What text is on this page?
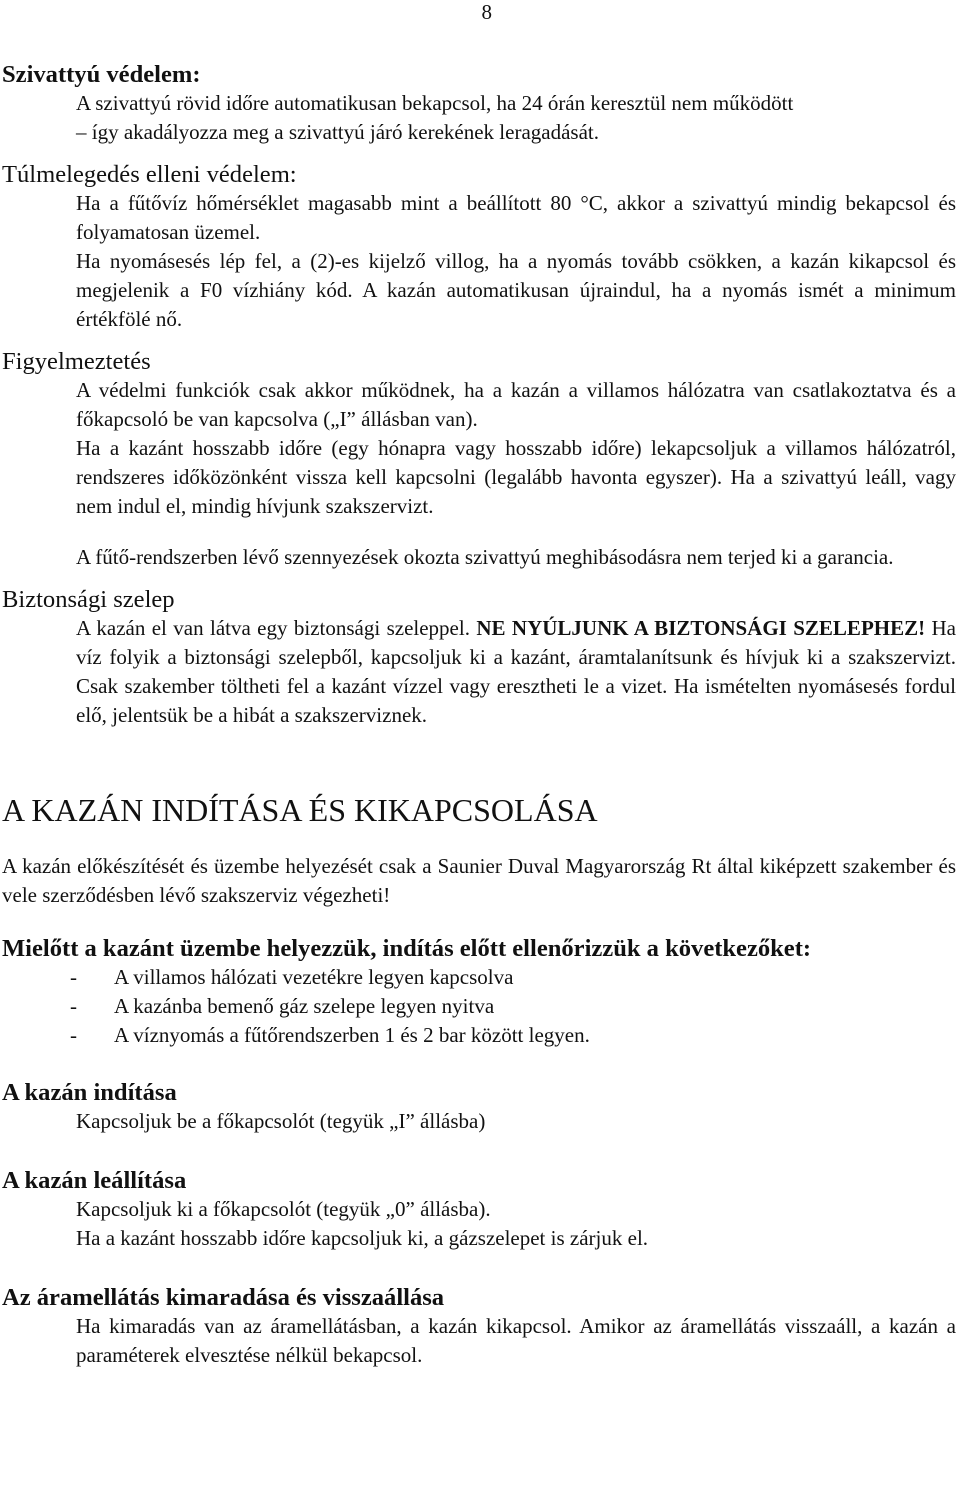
8
Szivattyú védelem:

A szivattyú rövid időre automatikusan bekapcsol, ha 24 órán keresztül nem működött

– így akadályozza meg a szivattyú járó kerekének leragadását.

Túlmelegedés elleni védelem:

Ha a fűtővíz hőmérséklet magasabb mint a beállított 80 °C, akkor a szivattyú mindig bekapcsol és folyamatosan üzemel.

Ha nyomásesés lép fel, a (2)-es kijelző villog, ha a nyomás tovább csökken, a kazán kikapcsol és megjelenik a F0 vízhiány kód. A kazán automatikusan újraindul, ha a nyomás ismét a minimum értékfölé nő.

Figyelmeztetés

A védelmi funkciók csak akkor működnek, ha a kazán a villamos hálózatra van csatlakoztatva és a főkapcsoló be van kapcsolva („I” állásban van).

Ha a kazánt hosszabb időre (egy hónapra vagy hosszabb időre) lekapcsoljuk a villamos hálózatról, rendszeres időközönként vissza kell kapcsolni (legalább havonta egyszer). Ha a szivattyú leáll, vagy nem indul el, mindig hívjunk szakszervizt.

A fűtő-rendszerben lévő szennyezések okozta szivattyú meghibásodásra nem terjed ki a garancia.

Biztonsági szelep

A kazán el van látva egy biztonsági szeleppel. NE NYÚLJUNK A BIZTONSÁGI SZELEPHEZ! Ha víz folyik a biztonsági szelepből, kapcsoljuk ki a kazánt, áramtalanítsunk és hívjuk ki a szakszervizt. Csak szakember töltheti fel a kazánt vízzel vagy eresztheti le a vizet. Ha ismételten nyomásesés fordul elő, jelentsük be a hibát a szakszerviznek.

A KAZÁN INDÍTÁSA ÉS KIKAPCSOLÁSA

A kazán előkészítését és üzembe helyezését csak a Saunier Duval Magyarország Rt által kiképzett szakember és vele szerződésben lévő szakszerviz végezheti!

Mielőtt a kazánt üzembe helyezzük, indítás előtt ellenőrizzük a következőket:
- A villamos hálózati vezetékre legyen kapcsolva
- A kazánba bemenő gáz szelepe legyen nyitva
- A víznyomás a fűtőrendszerben 1 és 2 bar között legyen.
A kazán indítása

Kapcsoljuk be a főkapcsolót (tegyük „I” állásba)

A kazán leállítása

Kapcsoljuk ki a főkapcsolót (tegyük „0” állásba).

Ha a kazánt hosszabb időre kapcsoljuk ki, a gázszelepet is zárjuk el.

Az áramellátás kimaradása és visszaállása

Ha kimaradás van az áramellátásban, a kazán kikapcsol. Amikor az áramellátás visszaáll, a kazán a paraméterek elvesztése nélkül bekapcsol.
